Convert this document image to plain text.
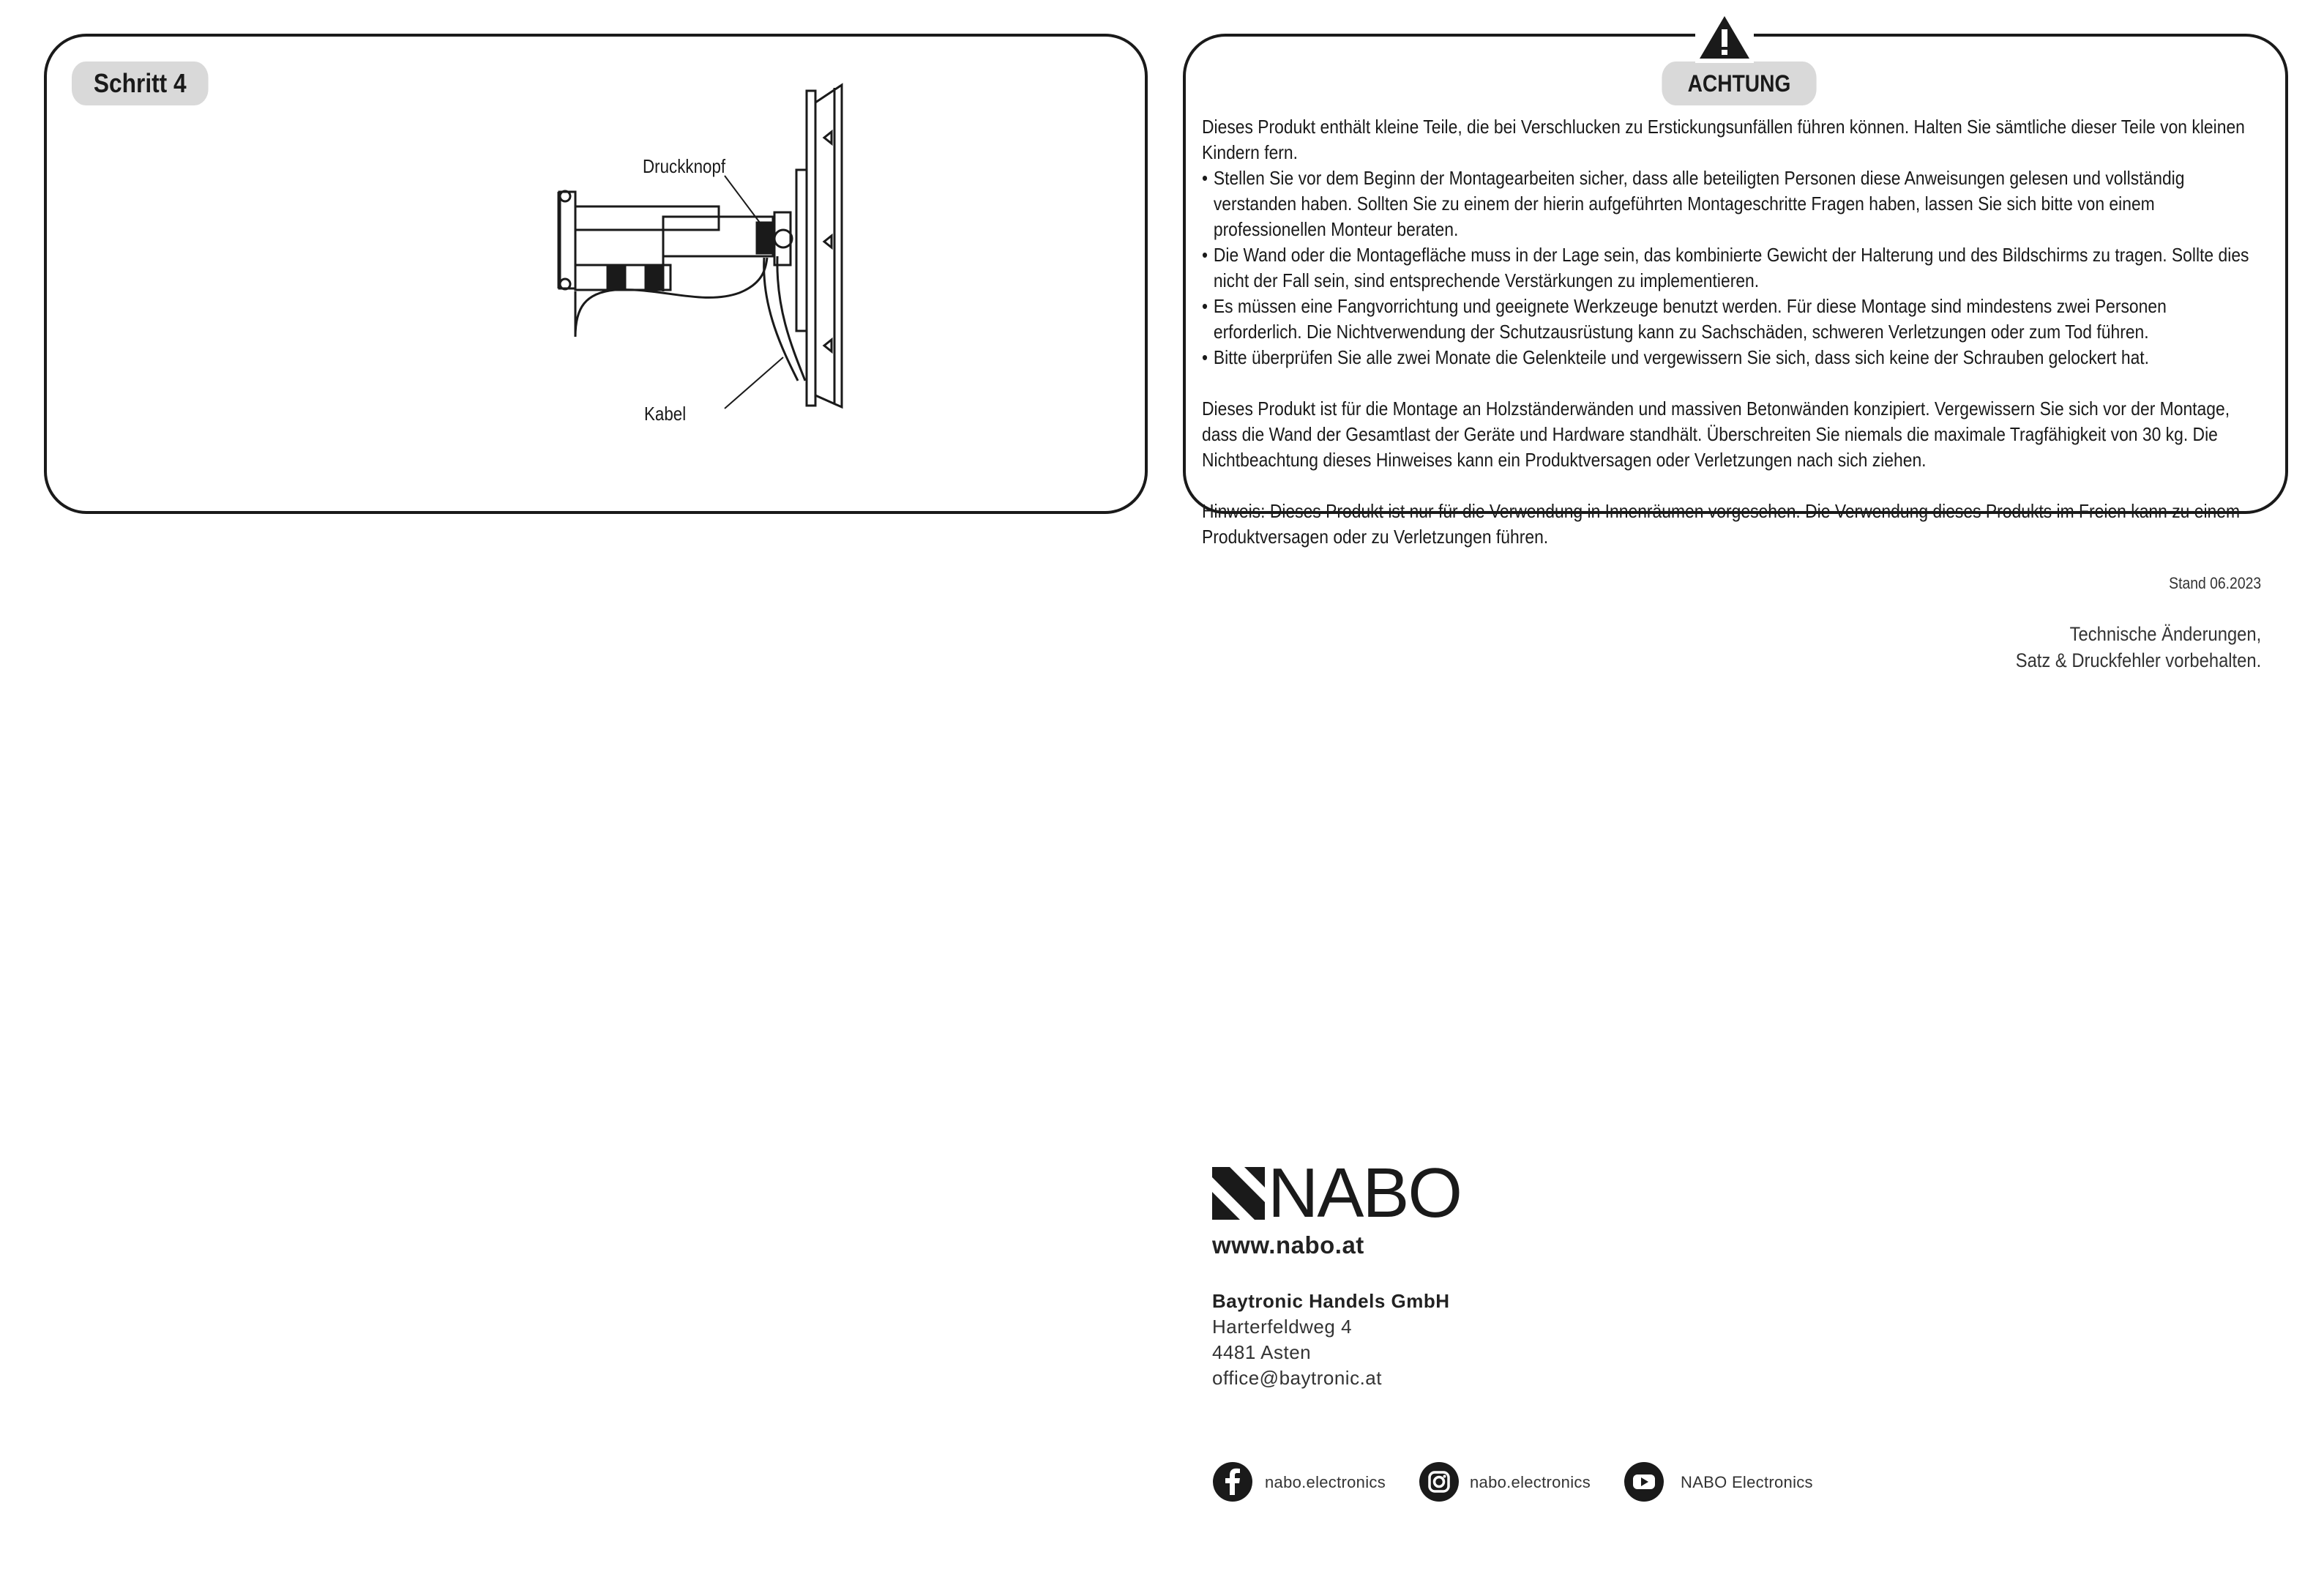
Schritt 4
Druckknopf
Kabel
ACHTUNG

Dieses Produkt enthält kleine Teile, die bei Verschlucken zu Erstickungsunfällen führen können. Halten Sie sämtliche dieser Teile von kleinen Kindern fern.

• Stellen Sie vor dem Beginn der Montagearbeiten sicher, dass alle beteiligten Personen diese Anweisungen gelesen und vollständig verstanden haben. Sollten Sie zu einem der hierin aufgeführten Montageschritte Fragen haben, lassen Sie sich bitte von einem professionellen Monteur beraten.
• Die Wand oder die Montagefläche muss in der Lage sein, das kombinierte Gewicht der Halterung und des Bildschirms zu tragen. Sollte dies nicht der Fall sein, sind entsprechende Verstärkungen zu implementieren.
• Es müssen eine Fangvorrichtung und geeignete Werkzeuge benutzt werden. Für diese Montage sind mindestens zwei Personen erforderlich. Die Nichtverwendung der Schutzausrüstung kann zu Sachschäden, schweren Verletzungen oder zum Tod führen.
• Bitte überprüfen Sie alle zwei Monate die Gelenkteile und vergewissern Sie sich, dass sich keine der Schrauben gelockert hat.

Dieses Produkt ist für die Montage an Holzständerwänden und massiven Betonwänden konzipiert. Vergewissern Sie sich vor der Montage, dass die Wand der Gesamtlast der Geräte und Hardware standhält. Überschreiten Sie niemals die maximale Tragfähigkeit von 30 kg. Die Nichtbeachtung dieses Hinweises kann ein Produktversagen oder Verletzungen nach sich ziehen.

Hinweis: Dieses Produkt ist nur für die Verwendung in Innenräumen vorgesehen. Die Verwendung dieses Produkts im Freien kann zu einem Produktversagen oder zu Verletzungen führen.

Stand 06.2023
Technische Änderungen,
Satz & Druckfehler vorbehalten.
NABO
www.nabo.at
Baytronic Handels GmbH
Harterfeldweg 4
4481 Asten
office@baytronic.at
nabo.electronics	nabo.electronics	NABO Electronics
